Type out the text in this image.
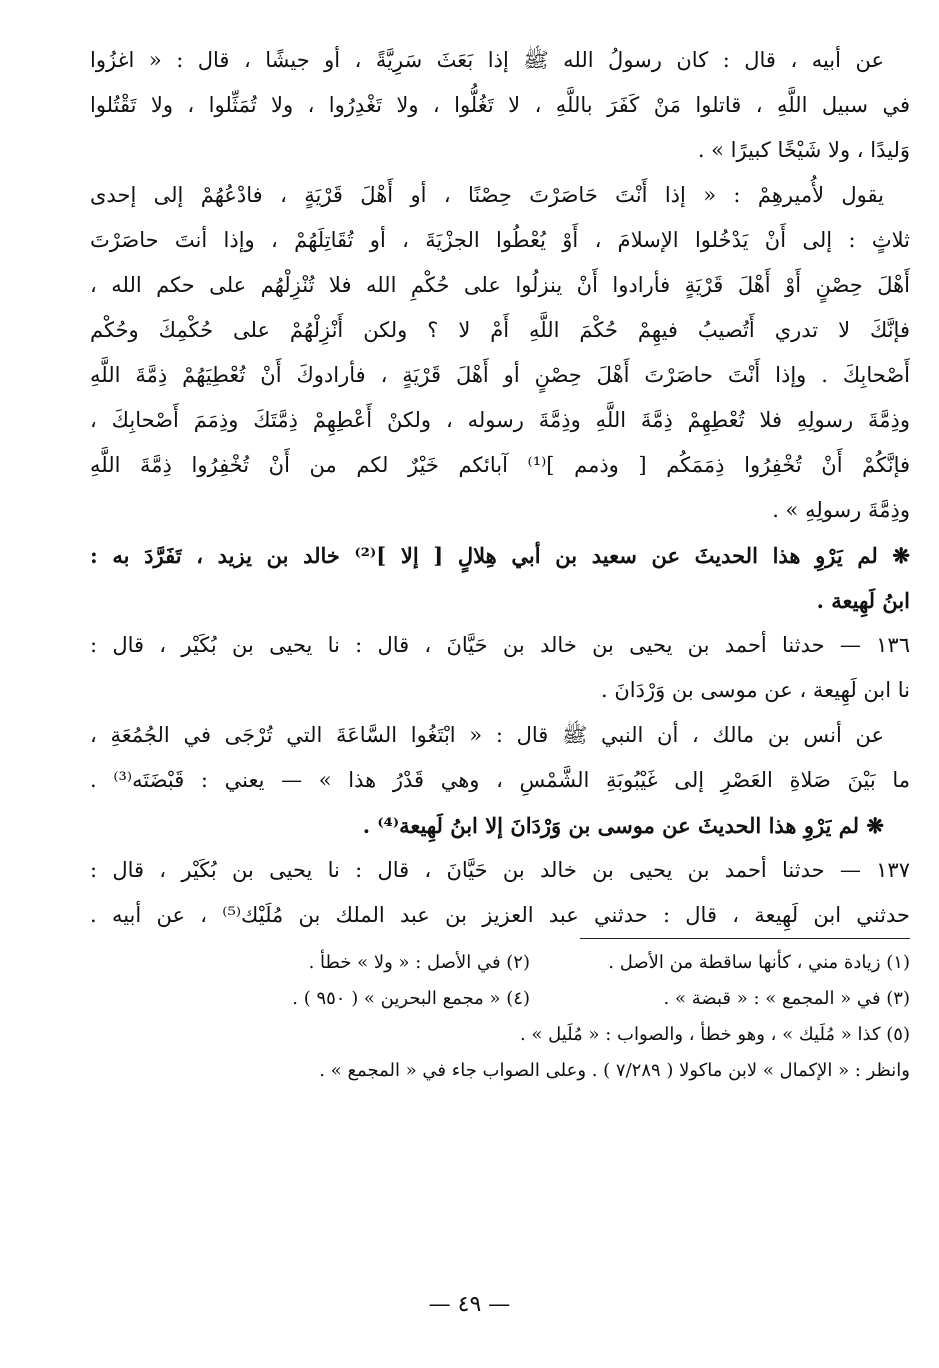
عن أبيه ، قال : كان رسولُ الله ﷺ إذا بَعَثَ سَرِيَّةً ، أو جيشًا ، قال : « اغزُوا
في سبيل اللَّهِ ، قاتلوا مَنْ كَفَرَ باللَّهِ ، لا تَغُلُّوا ، ولا تَغْدِرُوا ، ولا تُمَثِّلوا ، ولا تَقْتُلوا
وَليدًا ، ولا شَيْخًا كبيرًا » .
يقول لأُميرهِمْ : « إذا أَنْتَ حَاصَرْتَ حِصْنًا ، أو أَهْلَ قَرْيَةٍ ، فادْعُهُمْ إلى إحدى
ثلاثٍ : إلى أَنْ يَدْخُلوا الإسلامَ ، أَوْ يُعْطُوا الجزْيَةَ ، أو تُقَاتِلَهُمْ ، وإذا أنتَ حاصَرْتَ
أَهْلَ حِصْنٍ أَوْ أَهْلَ قَرْيَةٍ فأرادوا أَنْ ينزلُوا على حُكْمِ الله فلا تُنْزِلْهُم على حكم الله ،
فإنَّكَ لا تدري أَتُصيبُ فيهِمْ حُكْمَ اللَّهِ أَمْ لا ؟ ولكن أَنْزِلْهُمْ على حُكْمِكَ وحُكْم
أَصْحابِكَ . وإذا أَنْتَ حاصَرْتَ أَهْلَ حِصْنٍ أو أَهْلَ قَرْيَةٍ ، فأرادوكَ أَنْ تُعْطِيَهُمْ ذِمَّةَ اللَّهِ
وذِمَّةَ رسولِهِ فلا تُعْطِهِمْ ذِمَّةَ اللَّهِ وذِمَّةَ رسوله ، ولكنْ أَعْطِهِمْ ذِمَّتَكَ وذِمَمَ أَصْحابِكَ ،
فإنَّكُمْ أَنْ تُخْفِرُوا ذِمَمَكُم [ وذمم ]⁽¹⁾ آبائكم خَيْرٌ لكم من أَنْ تُخْفِرُوا ذِمَّةَ اللَّهِ
وذِمَّةَ رسولِهِ » .
❋ لم يَرْوِ هذا الحديثَ عن سعيد بن أبي هِلالٍ [ إلا ]⁽²⁾ خالد بن يزيد ، تَفَرَّدَ به :
ابنُ لَهِيعة .
١٣٦ — حدثنا أحمد بن يحيى بن خالد بن حَيَّانَ ، قال : نا يحيى بن بُكَيْر ، قال :
نا ابن لَهِيعة ، عن موسى بن وَرْدَانَ .
عن أنس بن مالك ، أن النبي ﷺ قال : « ابْتَغُوا السَّاعَةَ التي تُرْجَى في الجُمُعَةِ ،
ما بَيْنَ صَلاةِ العَصْرِ إلى غَيْبُوبَةِ الشَّمْسِ ، وهي قَدْرُ هذا » — يعني : قَبْضَتَه⁽³⁾ .
❋ لم يَرْوِ هذا الحديثَ عن موسى بن وَرْدَانَ إلا ابنُ لَهِيعة⁽⁴⁾ .
١٣٧ — حدثنا أحمد بن يحيى بن خالد بن حَيَّانَ ، قال : نا يحيى بن بُكَيْر ، قال :
حدثني ابن لَهِيعة ، قال : حدثني عبد العزيز بن عبد الملك بن مُلَيْك⁽⁵⁾ ، عن أبيه .
(١) زيادة مني ، كأنها ساقطة من الأصل .
(٢) في الأصل : « ولا » خطأ .
(٣) في « المجمع » : « قبضة » .
(٤) « مجمع البحرين » ( ٩٥٠ ) .
(٥) كذا « مُلَيك » ، وهو خطأ ، والصواب : « مُلَيل » .
وانظر : « الإكمال » لابن ماكولا ( ٧/٢٨٩ ) . وعلى الصواب جاء في « المجمع » .
— ٤٩ —
